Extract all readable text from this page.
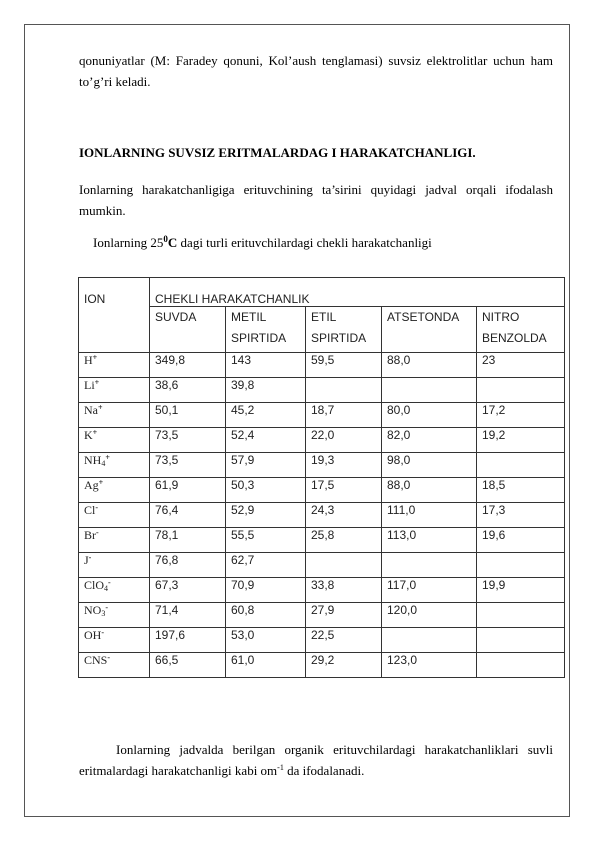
qonuniyatlar (M: Faradey qonuni, Kol’aush tenglamasi) suvsiz elektrolitlar uchun ham to’g’ri keladi.

IONLARNING SUVSIZ ERITMALARDAG I HARAKATCHANLIGI.

Ionlarning harakatchanligiga erituvchining ta’sirini quyidagi jadval orqali ifodalash mumkin.

Ionlarning $25^0C$ dagi turli erituvchilardagi chekli harakatchanligi
ION	CHEKLI HARAKATCHANLIK				
	SUVDA	METIL SPIRTIDA	ETIL SPIRTIDA	ATSETONDA	NITRO BENZOLDA
H+	349,8	143	59,5	88,0	23
Li+	38,6	39,8			
Na+	50,1	45,2	18,7	80,0	17,2
K+	73,5	52,4	22,0	82,0	19,2
$NH_4^+$	73,5	57,9	19,3	98,0	
Ag+	61,9	50,3	17,5	88,0	18,5
Cl-	76,4	52,9	24,3	111,0	17,3
Br-	78,1	55,5	25,8	113,0	19,6
J-	76,8	62,7			
ClO$_4$-	67,3	70,9	33,8	117,0	19,9
$NO_3^-$	71,4	60,8	27,9	120,0	
OH-	197,6	53,0	22,5		
CNS-	66,5	61,0	29,2	123,0	

Ionlarning jadvalda berilgan organik erituvchilardagi harakatchanliklari suvli eritmalardagi harakatchanligi kabi $om^{-1}$ da ifodalanadi.
